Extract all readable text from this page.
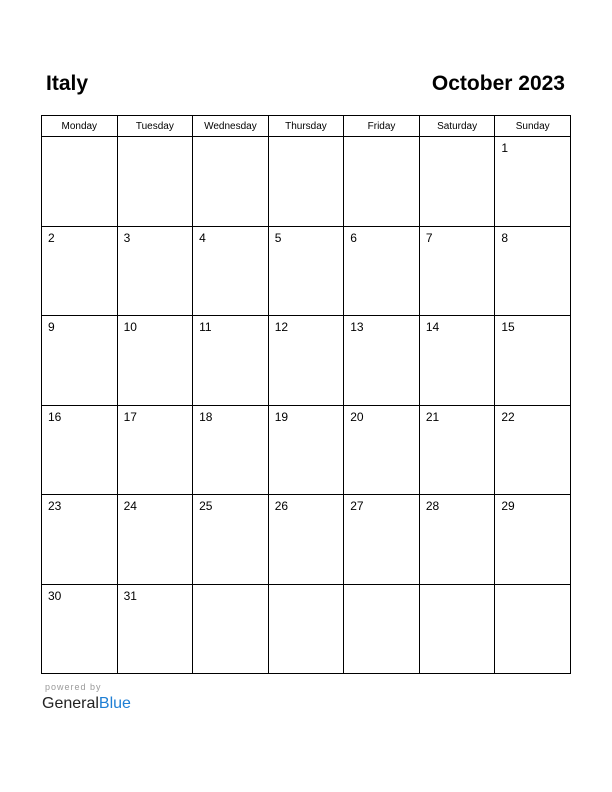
Italy	October 2023
Monday	Tuesday	Wednesday	Thursday	Friday	Saturday	Sunday

						1

2	3	4	5	6	7	8

9	10	11	12	13	14	15

16	17	18	19	20	21	22

23	24	25	26	27	28	29

30	31					

powered by
GeneralBlue
